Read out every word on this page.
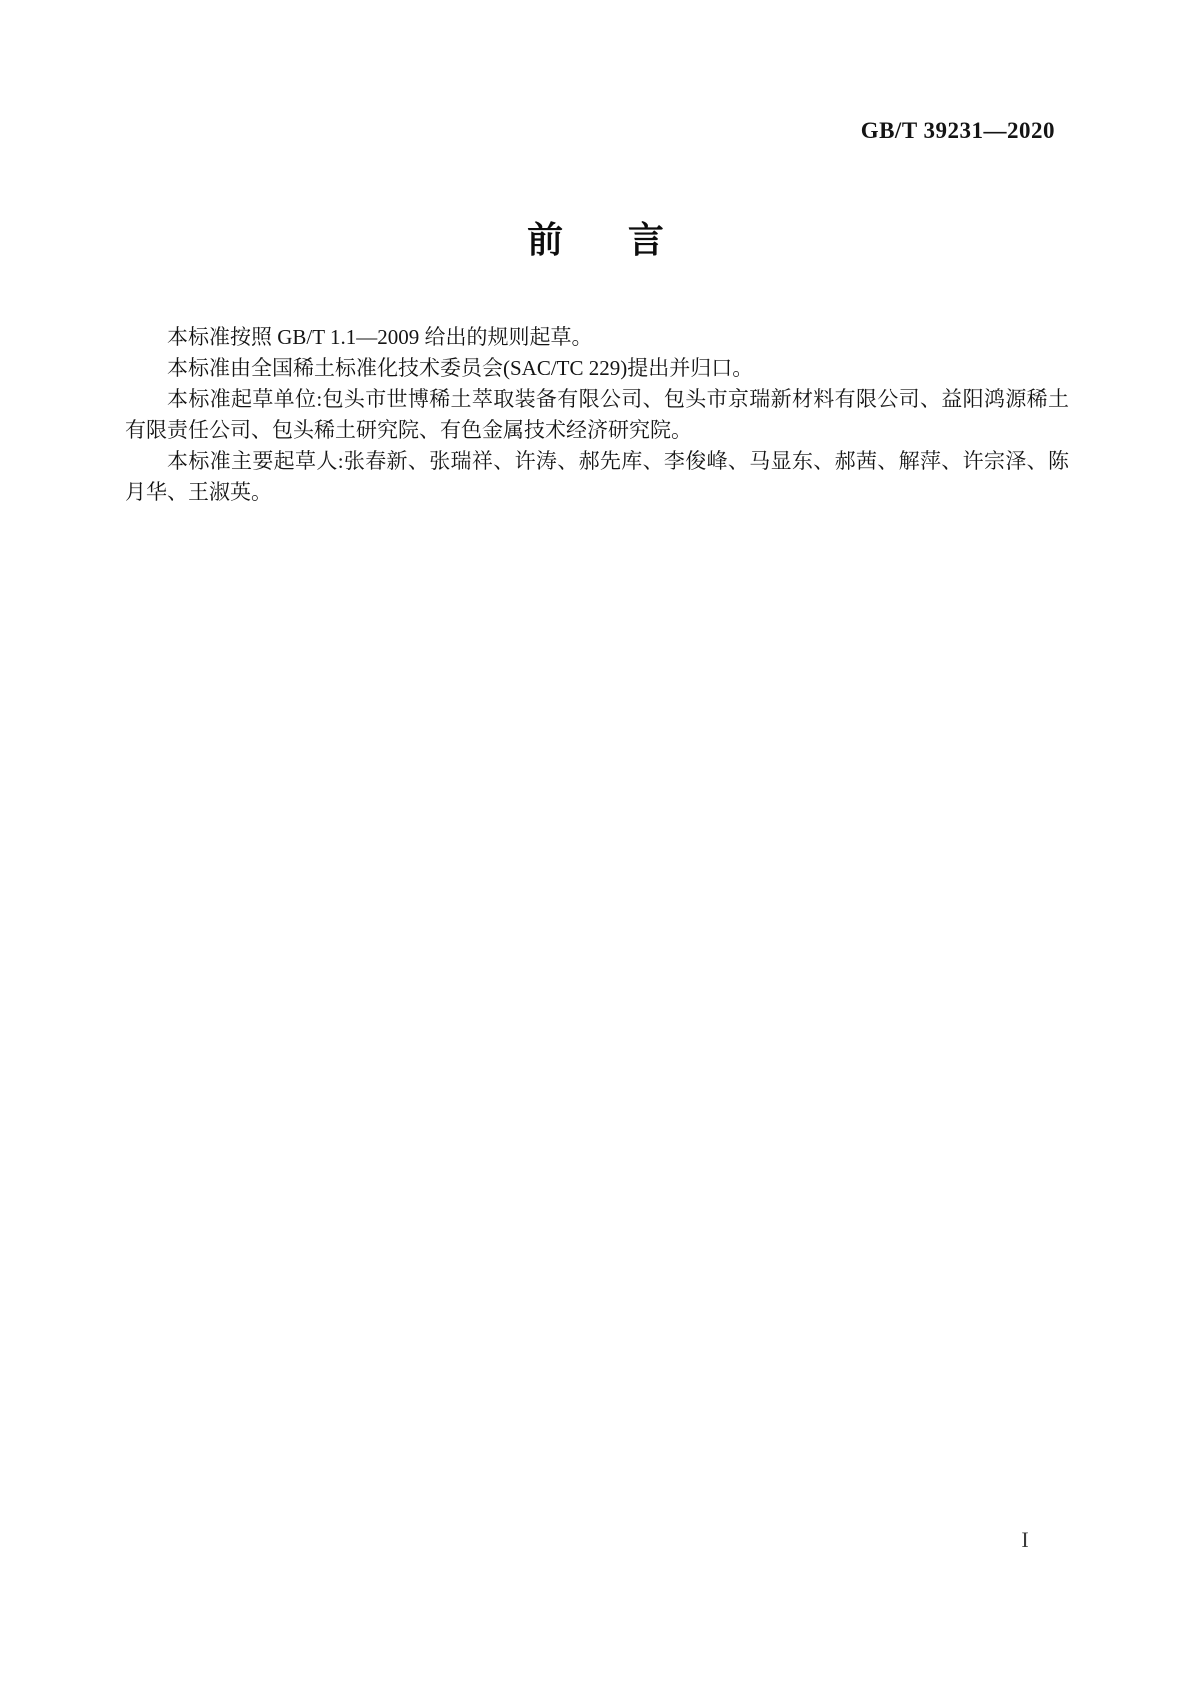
GB/T 39231—2020
前言

本标准按照 GB/T 1.1—2009 给出的规则起草。

本标准由全国稀土标准化技术委员会(SAC/TC 229)提出并归口。

本标准起草单位:包头市世博稀土萃取装备有限公司、包头市京瑞新材料有限公司、益阳鸿源稀土有限责任公司、包头稀土研究院、有色金属技术经济研究院。

本标准主要起草人:张春新、张瑞祥、许涛、郝先库、李俊峰、马显东、郝茜、解萍、许宗泽、陈月华、王淑英。

I
